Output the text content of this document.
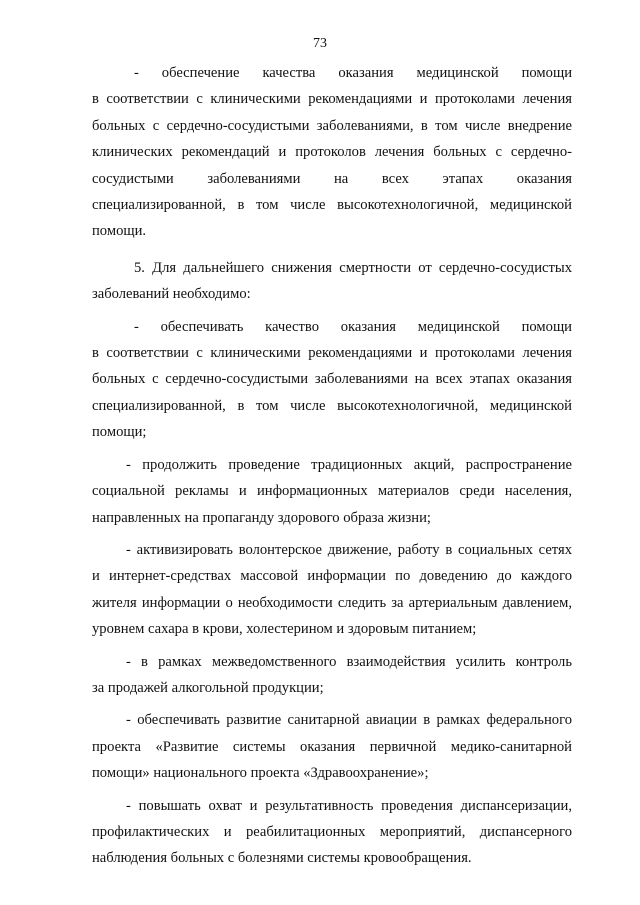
73
-    обеспечение    качества    оказания    медицинской    помощи
в соответствии с клиническими рекомендациями и протоколами лечения
больных с сердечно-сосудистыми заболеваниями, в том числе внедрение
клинических рекомендаций и протоколов лечения больных с сердечно-
сосудистыми      заболеваниями      на      всех      этапах      оказания
специализированной, в том числе высокотехнологичной, медицинской

помощи.

5. Для дальнейшего снижения смертности от сердечно-сосудистых

заболеваний необходимо:

-    обеспечивать    качество    оказания    медицинской    помощи
в соответствии с клиническими рекомендациями и протоколами лечения
больных с сердечно-сосудистыми заболеваниями на всех этапах оказания
специализированной, в том числе высокотехнологичной, медицинской

помощи;

- продолжить проведение традиционных акций, распространение
социальной рекламы и информационных материалов среди населения,

направленных на пропаганду здорового образа жизни;

- активизировать волонтерское движение, работу в социальных сетях
и интернет-средствах массовой информации по доведению до каждого
жителя информации о необходимости следить за артериальным давлением,

уровнем сахара в крови, холестерином и здоровым питанием;

- в рамках межведомственного взаимодействия усилить контроль

за продажей алкогольной продукции;

- обеспечивать развитие санитарной авиации в рамках федерального
проекта «Развитие системы оказания первичной медико-санитарной

помощи» национального проекта «Здравоохранение»;

- повышать охват и результативность проведения диспансеризации,
профилактических и реабилитационных мероприятий, диспансерного

наблюдения больных с болезнями системы кровообращения.
